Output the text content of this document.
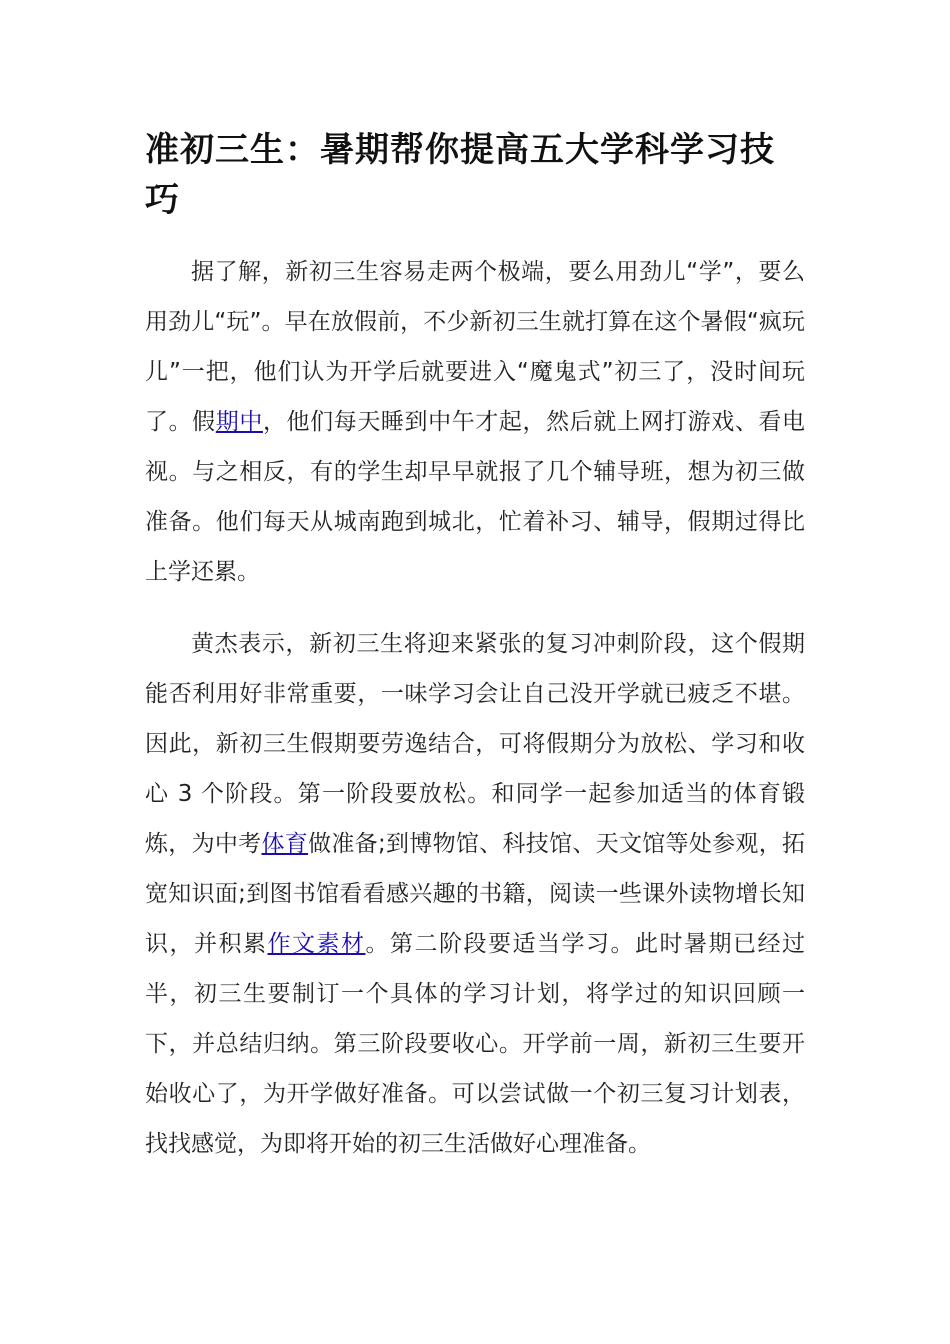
准初三生：暑期帮你提高五大学科学习技巧

据了解，新初三生容易走两个极端，要么用劲儿“学”，要么用劲儿“玩”。早在放假前，不少新初三生就打算在这个暑假“疯玩儿”一把，他们认为开学后就要进入“魔鬼式”初三了，没时间玩了。假期中，他们每天睡到中午才起，然后就上网打游戏、看电视。与之相反，有的学生却早早就报了几个辅导班，想为初三做准备。他们每天从城南跑到城北，忙着补习、辅导，假期过得比上学还累。

黄杰表示，新初三生将迎来紧张的复习冲刺阶段，这个假期能否利用好非常重要，一味学习会让自己没开学就已疲乏不堪。因此，新初三生假期要劳逸结合，可将假期分为放松、学习和收心 3 个阶段。第一阶段要放松。和同学一起参加适当的体育锻炼，为中考体育做准备;到博物馆、科技馆、天文馆等处参观，拓宽知识面;到图书馆看看感兴趣的书籍，阅读一些课外读物增长知识，并积累作文素材。第二阶段要适当学习。此时暑期已经过半，初三生要制订一个具体的学习计划，将学过的知识回顾一下，并总结归纳。第三阶段要收心。开学前一周，新初三生要开始收心了，为开学做好准备。可以尝试做一个初三复习计划表，找找感觉，为即将开始的初三生活做好心理准备。
